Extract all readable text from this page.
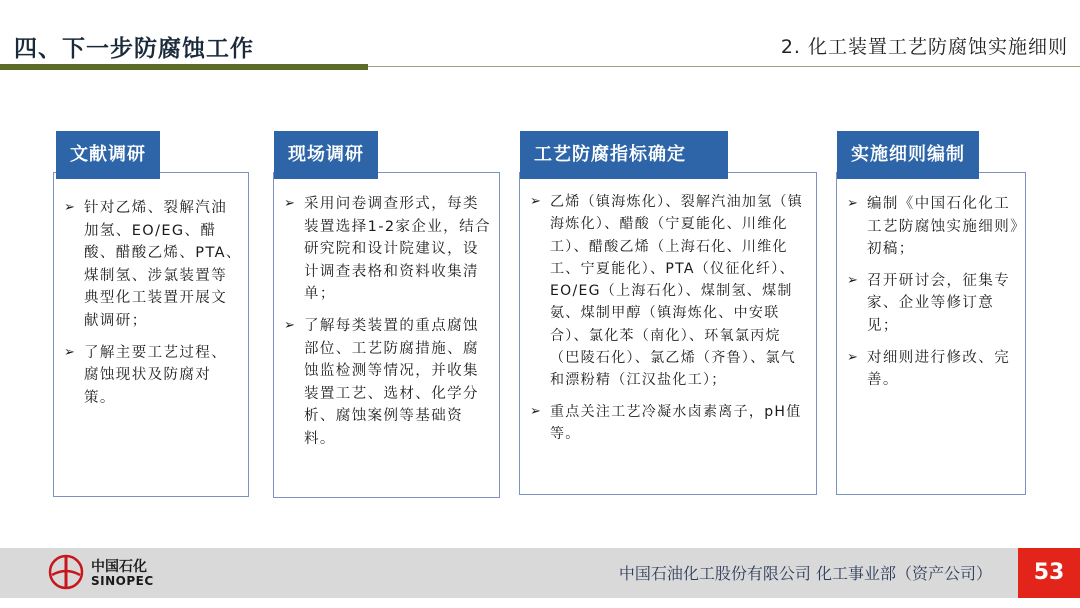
四、下一步防腐蚀工作	2. 化工装置工艺防腐蚀实施细则
文献调研
➢ 针对乙烯、裂解汽油加氢、EO/EG、醋酸、醋酸乙烯、PTA、煤制氢、涉氯装置等典型化工装置开展文献调研；
➢ 了解主要工艺过程、腐蚀现状及防腐对策。
现场调研
➢ 采用问卷调查形式，每类装置选择1-2家企业，结合研究院和设计院建议，设计调查表格和资料收集清单；
➢ 了解每类装置的重点腐蚀部位、工艺防腐措施、腐蚀监检测等情况，并收集装置工艺、选材、化学分析、腐蚀案例等基础资料。
工艺防腐指标确定
➢ 乙烯（镇海炼化）、裂解汽油加氢（镇海炼化）、醋酸（宁夏能化、川维化工）、醋酸乙烯（上海石化、川维化工、宁夏能化）、PTA（仪征化纤）、EO/EG（上海石化）、煤制氢、煤制氨、煤制甲醇（镇海炼化、中安联合）、氯化苯（南化）、环氧氯丙烷（巴陵石化）、氯乙烯（齐鲁）、氯气和漂粉精（江汉盐化工）；
➢ 重点关注工艺冷凝水卤素离子，pH值等。
实施细则编制
➢ 编制《中国石化化工工艺防腐蚀实施细则》初稿；
➢ 召开研讨会，征集专家、企业等修订意见；
➢ 对细则进行修改、完善。
中国石化
SINOPEC	中国石油化工股份有限公司 化工事业部（资产公司）	53
